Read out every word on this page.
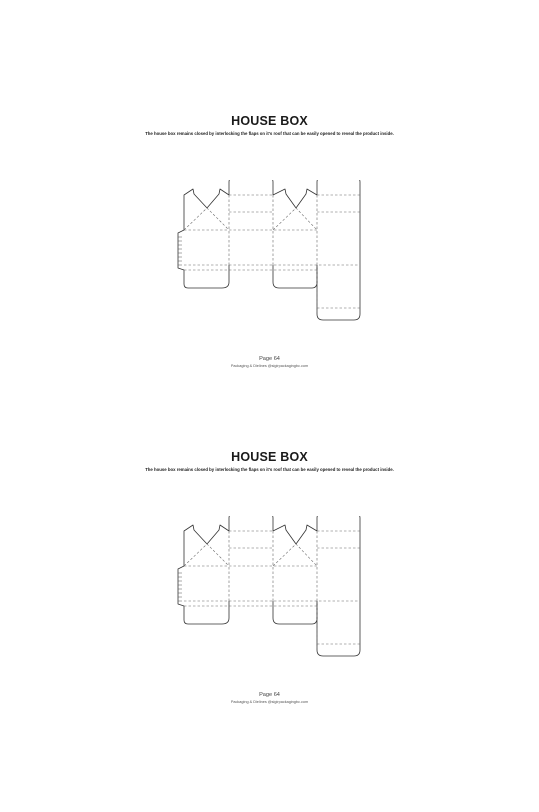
HOUSE BOX
The house box remains closed by interlocking the flaps on it's roof that can be easily opened to reveal the product inside.
Page 64
Packaging & Dielines @sigirpackagingbc.com
HOUSE BOX
The house box remains closed by interlocking the flaps on it's roof that can be easily opened to reveal the product inside.
Page 64
Packaging & Dielines @sigirpackagingbc.com
